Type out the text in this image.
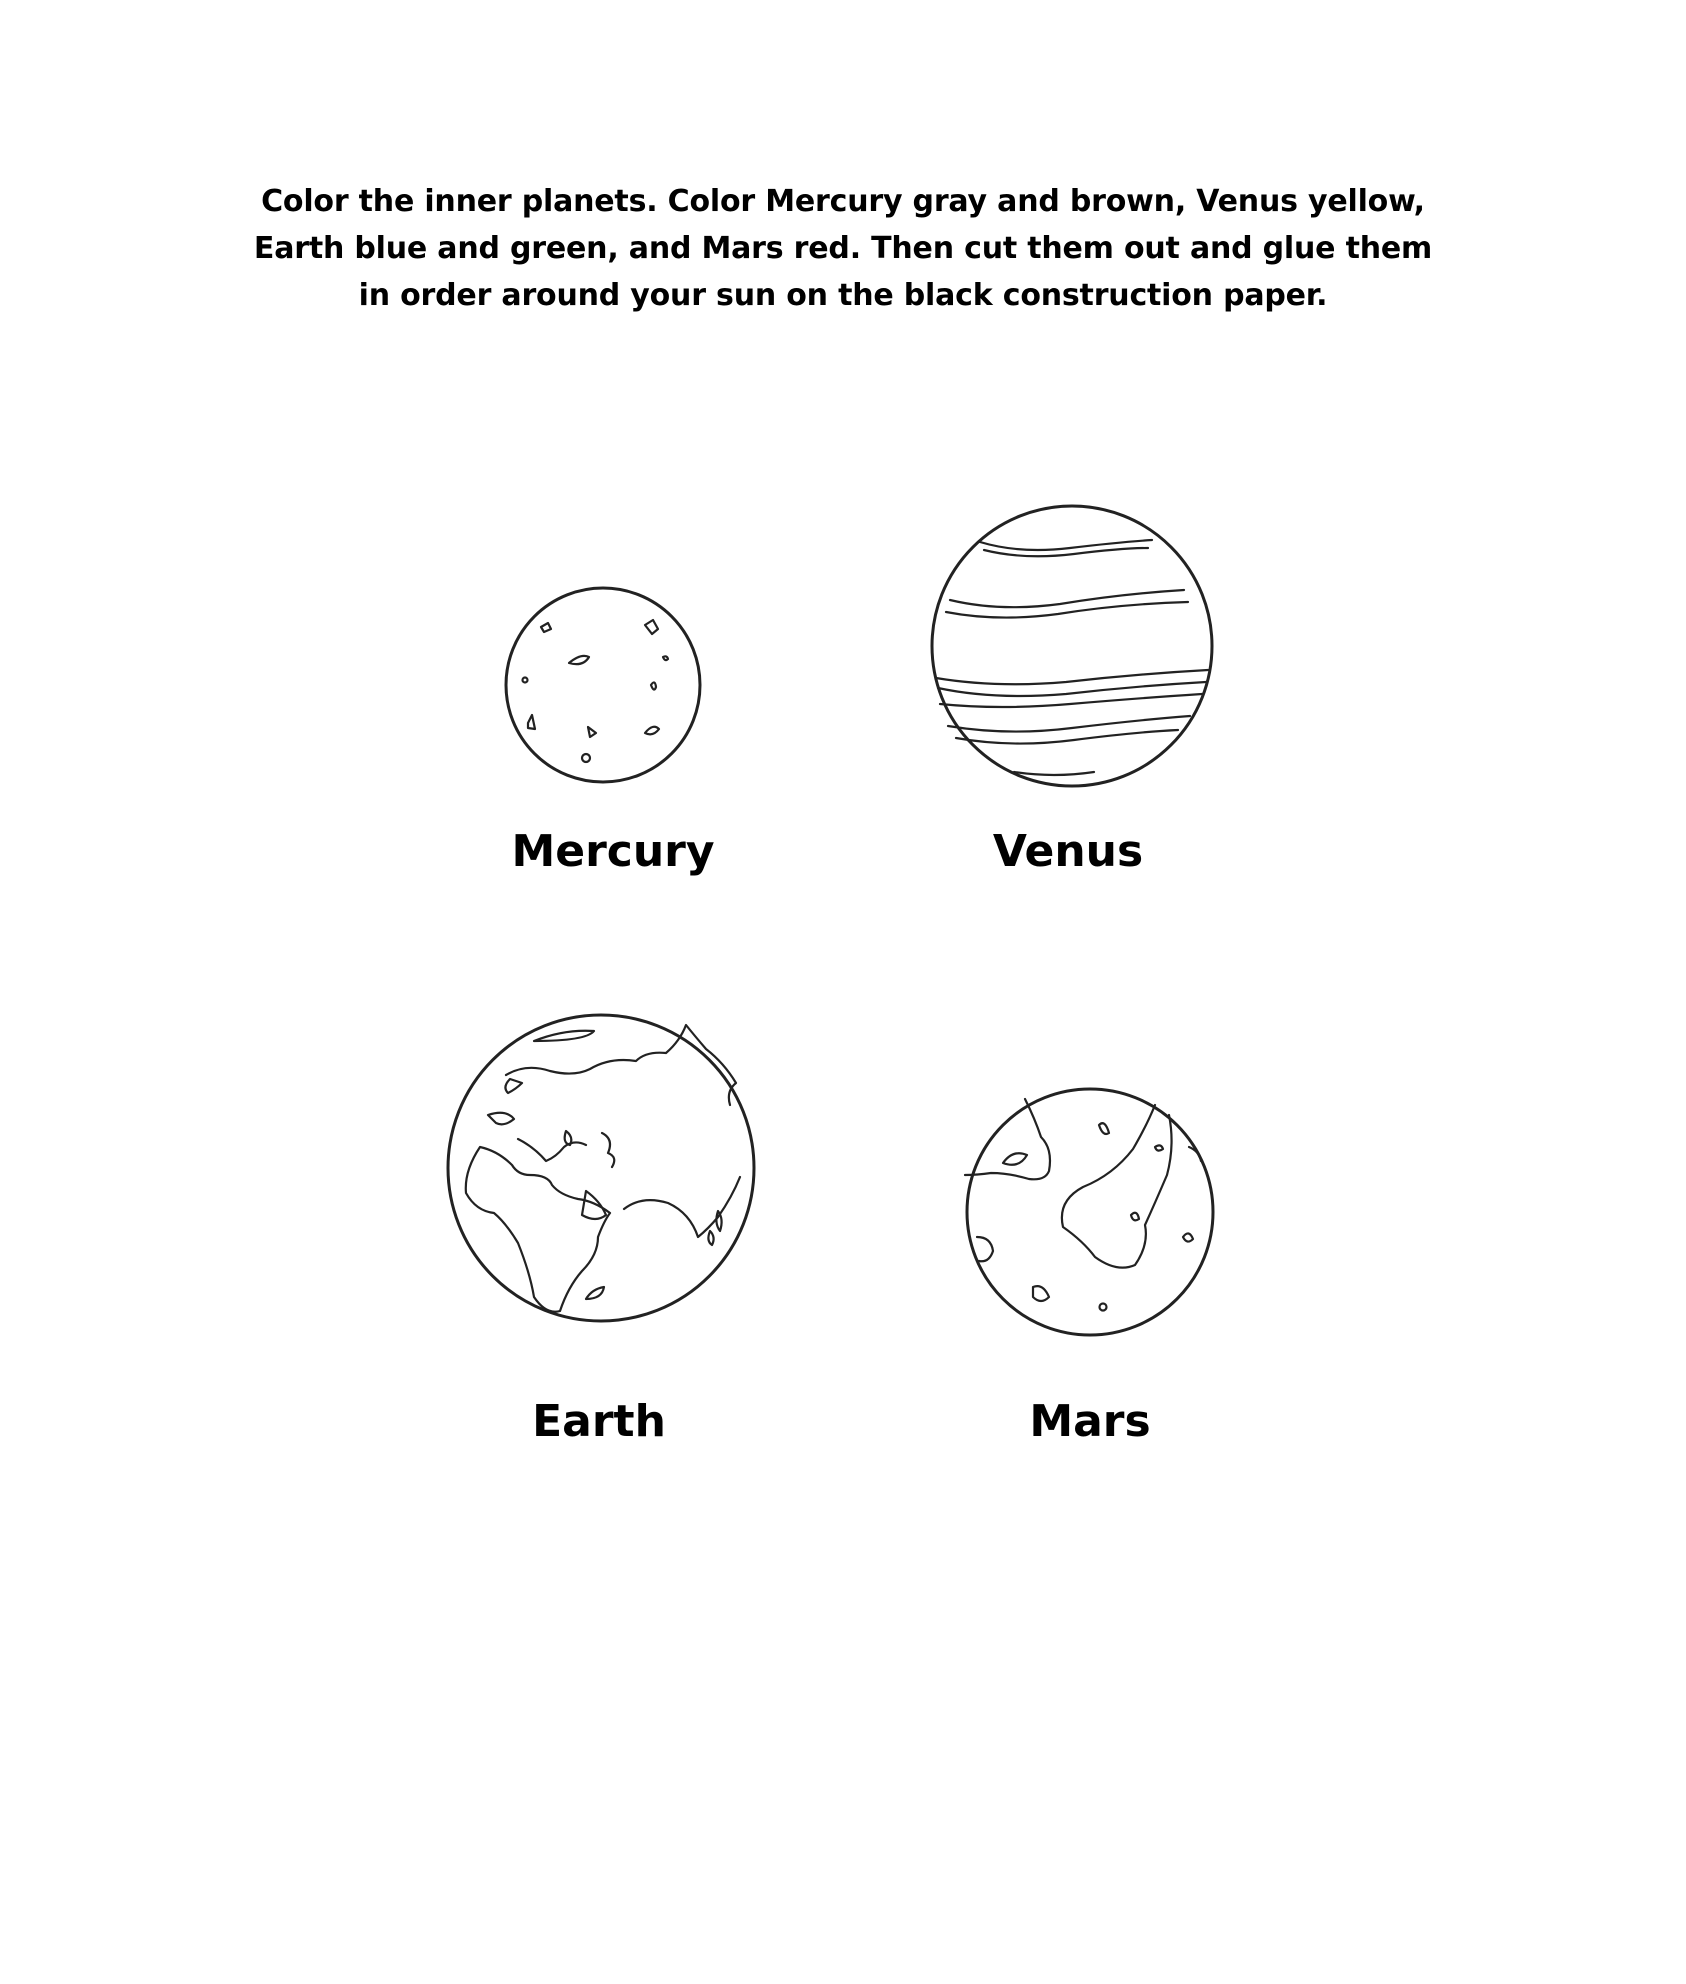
Color the inner planets. Color Mercury gray and brown, Venus yellow, Earth blue and green, and Mars red. Then cut them out and glue them in order around your sun on the black construction paper.

Mercury	Venus

Earth	Mars
